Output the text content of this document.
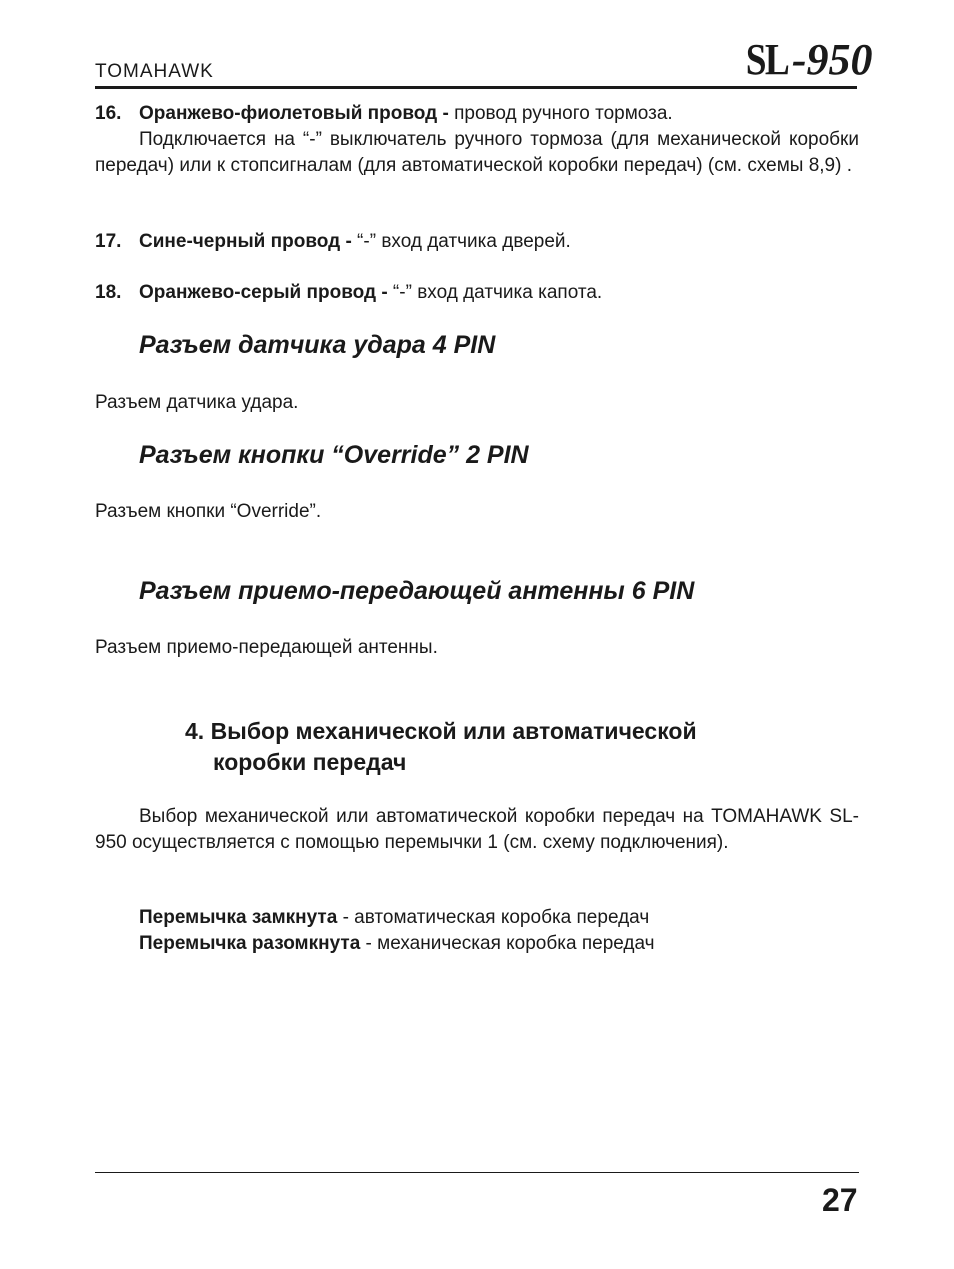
TOMAHAWK	SL-950
16. Оранжево-фиолетовый провод - провод ручного тормоза.
Подключается на “-” выключатель ручного тормоза (для механической коробки передач) или к стопсигналам (для автоматической коробки передач) (см. схемы 8,9) .
17. Сине-черный провод - “-” вход датчика дверей.
18. Оранжево-серый провод - “-” вход датчика капота.
Разъем датчика удара 4 PIN
Разъем датчика удара.
Разъем кнопки “Override” 2 PIN
Разъем кнопки “Override”.
Разъем приемо-передающей антенны 6 PIN
Разъем приемо-передающей антенны.
4. Выбор механической или автоматической
коробки передач
Выбор механической или автоматической коробки передач на TOMAHAWK SL-950 осуществляется с помощью перемычки 1 (см. схему подключения).
Перемычка замкнута - автоматическая коробка передач
Перемычка разомкнута - механическая коробка передач
27
